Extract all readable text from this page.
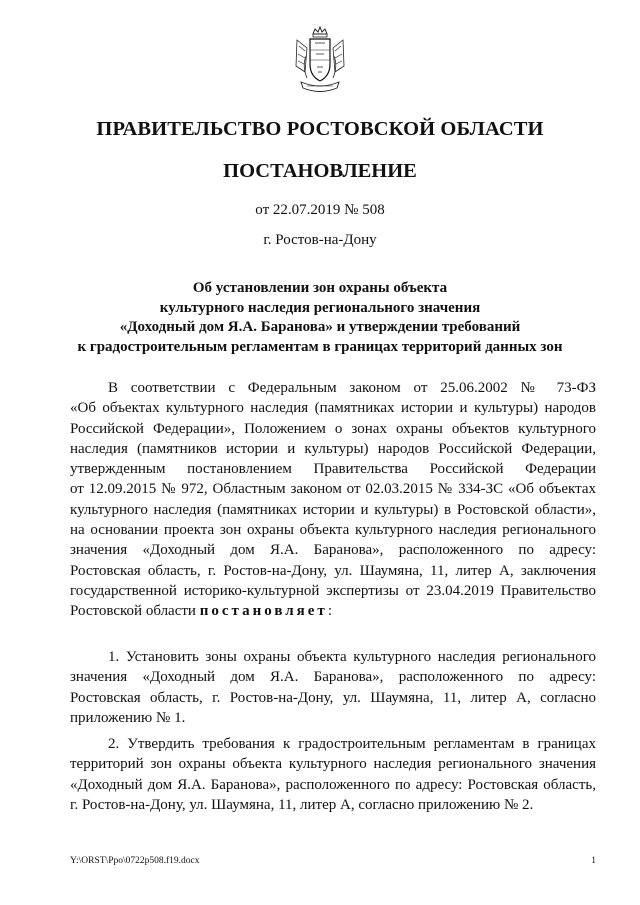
ПРАВИТЕЛЬСТВО РОСТОВСКОЙ ОБЛАСТИ
ПОСТАНОВЛЕНИЕ
от 22.07.2019 № 508
г. Ростов-на-Дону
Об установлении зон охраны объекта
культурного наследия регионального значения
«Доходный дом Я.А. Баранова» и утверждении требований
к градостроительным регламентам в границах территорий данных зон
В соответствии с Федеральным законом от 25.06.2002 № 73-ФЗ
«Об объектах культурного наследия (памятниках истории и культуры) народов
Российской Федерации», Положением о зонах охраны объектов культурного
наследия (памятников истории и культуры) народов Российской Федерации,
утвержденным постановлением Правительства Российской Федерации
от 12.09.2015 № 972, Областным законом от 02.03.2015 № 334-ЗС «Об объектах
культурного наследия (памятниках истории и культуры) в Ростовской области»,
на основании проекта зон охраны объекта культурного наследия регионального
значения «Доходный дом Я.А. Баранова», расположенного по адресу:
Ростовская область, г. Ростов-на-Дону, ул. Шаумяна, 11, литер А, заключения
государственной историко-культурной экспертизы от 23.04.2019 Правительство
Ростовской области постановляет:
1. Установить зоны охраны объекта культурного наследия регионального
значения «Доходный дом Я.А. Баранова», расположенного по адресу:
Ростовская область, г. Ростов-на-Дону, ул. Шаумяна, 11, литер А, согласно
приложению № 1.
2. Утвердить требования к градостроительным регламентам в границах
территорий зон охраны объекта культурного наследия регионального значения
«Доходный дом Я.А. Баранова», расположенного по адресу: Ростовская область,
г. Ростов-на-Дону, ул. Шаумяна, 11, литер А, согласно приложению № 2.
Y:\ORST\Ppo\0722p508.f19.docx	1
